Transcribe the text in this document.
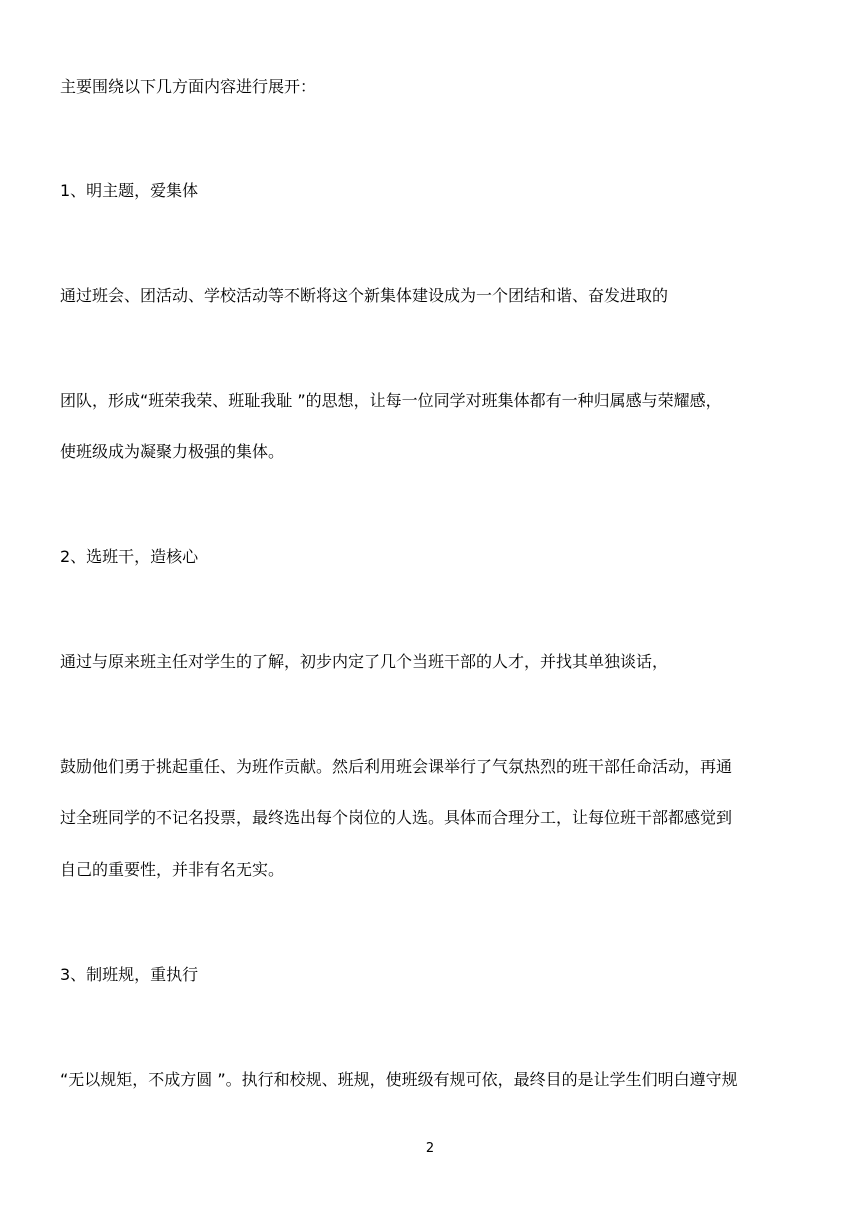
主要围绕以下几方面内容进行展开：
1、明主题，爱集体
通过班会、团活动、学校活动等不断将这个新集体建设成为一个团结和谐、奋发进取的
团队，形成“班荣我荣、班耻我耻 ”的思想，让每一位同学对班集体都有一种归属感与荣耀感，
使班级成为凝聚力极强的集体。
2、选班干，造核心
通过与原来班主任对学生的了解，初步内定了几个当班干部的人才，并找其单独谈话，
鼓励他们勇于挑起重任、为班作贡献。然后利用班会课举行了气氛热烈的班干部任命活动，再通
过全班同学的不记名投票，最终选出每个岗位的人选。具体而合理分工，让每位班干部都感觉到
自己的重要性，并非有名无实。
3、制班规，重执行
“无以规矩，不成方圆 ”。执行和校规、班规，使班级有规可依，最终目的是让学生们明白遵守规
2
